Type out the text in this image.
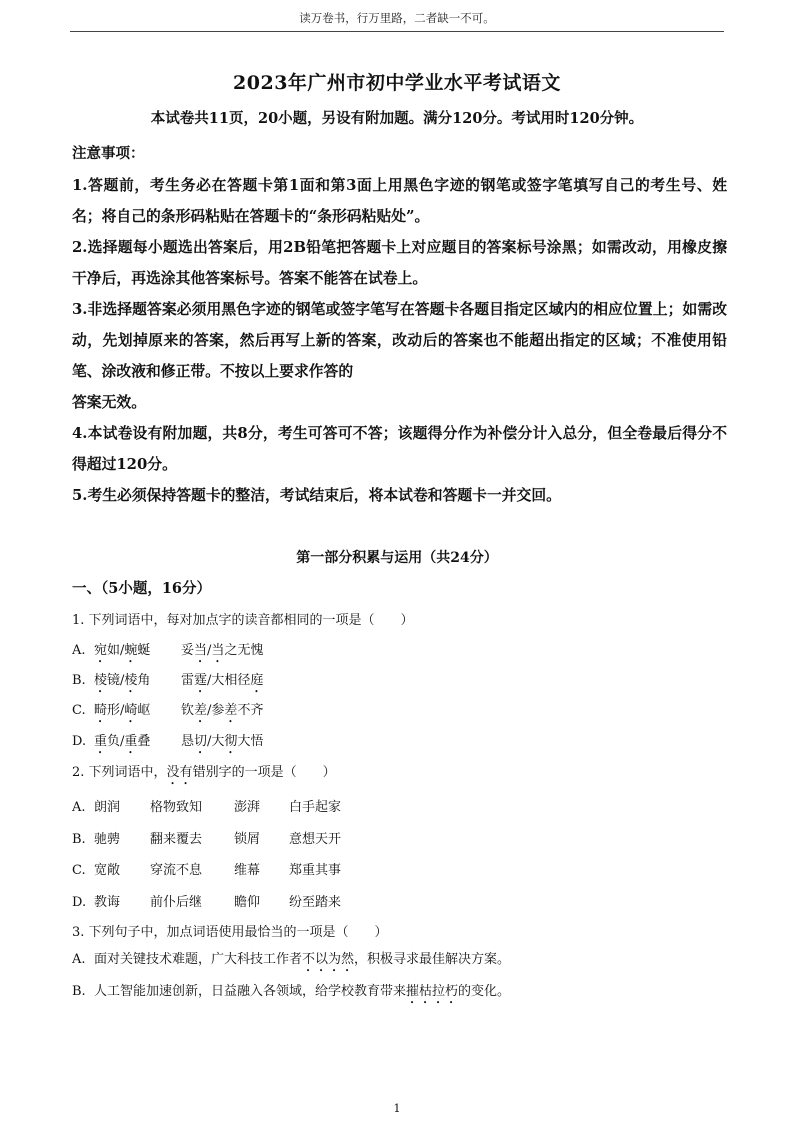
读万卷书，行万里路，二者缺一不可。
2023年广州市初中学业水平考试语文
本试卷共11页，20小题，另设有附加题。满分120分。考试用时120分钟。
注意事项：

1.答题前，考生务必在答题卡第1面和第3面上用黑色字迹的钢笔或签字笔填写自己的考生号、姓名；将自己的条形码粘贴在答题卡的“条形码粘贴处”。

2.选择题每小题选出答案后，用2B铅笔把答题卡上对应题目的答案标号涂黑；如需改动，用橡皮擦干净后，再选涂其他答案标号。答案不能答在试卷上。

3.非选择题答案必须用黑色字迹的钢笔或签字笔写在答题卡各题目指定区域内的相应位置上；如需改动，先划掉原来的答案，然后再写上新的答案，改动后的答案也不能超出指定的区域；不准使用铅笔、涂改液和修正带。不按以上要求作答的

答案无效。

4.本试卷设有附加题，共8分，考生可答可不答；该题得分作为补偿分计入总分，但全卷最后得分不得超过120分。

5.考生必须保持答题卡的整洁，考试结束后，将本试卷和答题卡一并交回。

第一部分积累与运用（共24分）
一、（5小题，16分）
1. 下列词语中，每对加点字的读音都相同的一项是（　　）
A. 宛如/蜿蜒 妥当/当之无愧
B. 棱镜/棱角 雷霆/大相径庭
C. 畸形/崎岖 钦差/参差不齐
D. 重负/重叠 恳切/大彻大悟
2. 下列词语中，没有错别字的一项是（　　）
A. 朗润 格物致知 澎湃 白手起家
B. 驰骋 翻来覆去 锁屑 意想天开
C. 宽敞 穿流不息 维幕 郑重其事
D. 教诲 前仆后继 瞻仰 纷至踏来
3. 下列句子中，加点词语使用最恰当的一项是（　　）
A. 面对关键技术难题，广大科技工作者不以为然，积极寻求最佳解决方案。
B. 人工智能加速创新，日益融入各领域，给学校教育带来摧枯拉朽的变化。
1
